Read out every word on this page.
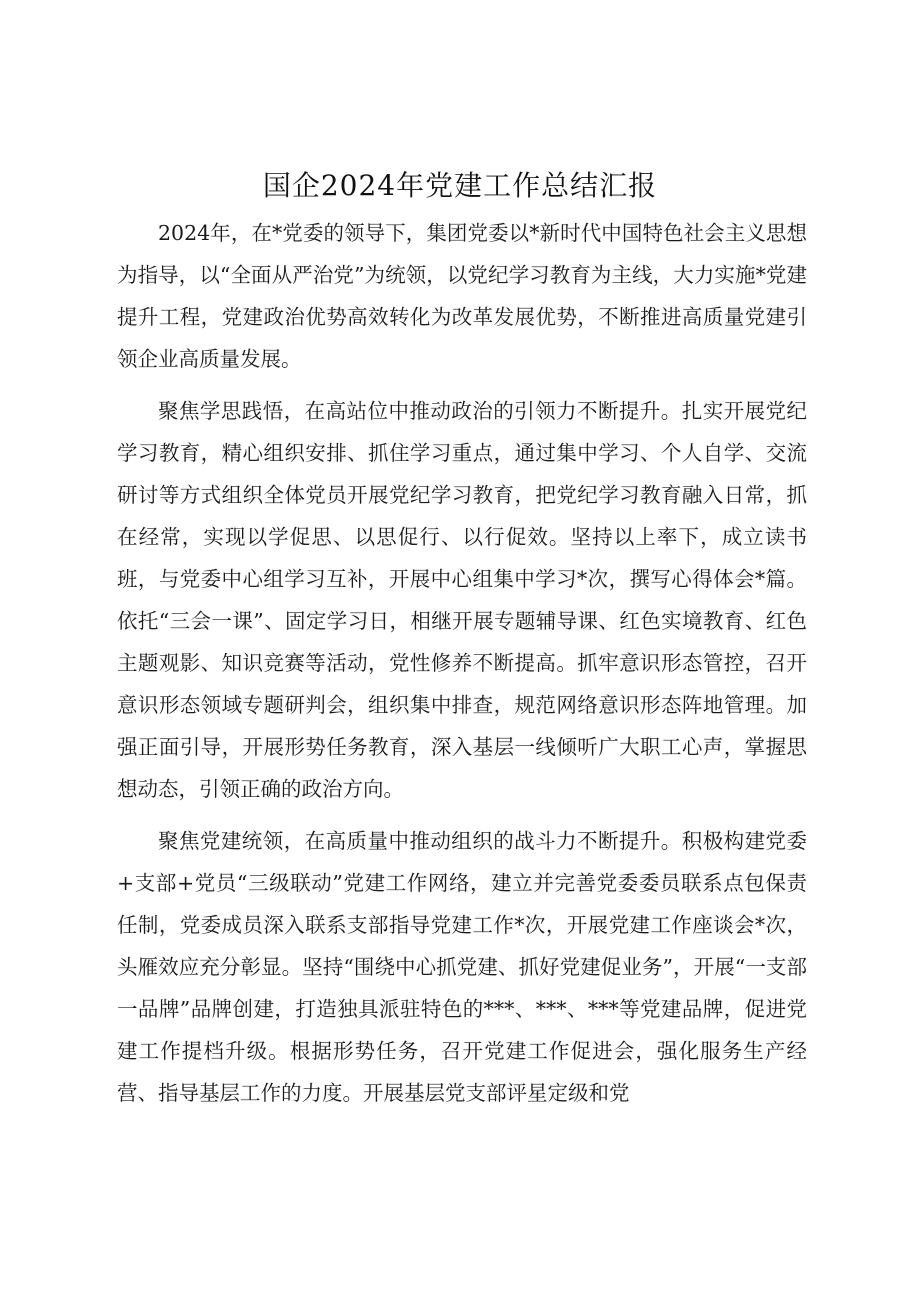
国企2024年党建工作总结汇报

2024年，在*党委的领导下，集团党委以*新时代中国特色社会主义思想为指导，以“全面从严治党”为统领，以党纪学习教育为主线，大力实施*党建提升工程，党建政治优势高效转化为改革发展优势，不断推进高质量党建引领企业高质量发展。

聚焦学思践悟，在高站位中推动政治的引领力不断提升。扎实开展党纪学习教育，精心组织安排、抓住学习重点，通过集中学习、个人自学、交流研讨等方式组织全体党员开展党纪学习教育，把党纪学习教育融入日常，抓在经常，实现以学促思、以思促行、以行促效。坚持以上率下，成立读书班，与党委中心组学习互补，开展中心组集中学习*次，撰写心得体会*篇。依托“三会一课”、固定学习日，相继开展专题辅导课、红色实境教育、红色主题观影、知识竞赛等活动，党性修养不断提高。抓牢意识形态管控，召开意识形态领域专题研判会，组织集中排查，规范网络意识形态阵地管理。加强正面引导，开展形势任务教育，深入基层一线倾听广大职工心声，掌握思想动态，引领正确的政治方向。

聚焦党建统领，在高质量中推动组织的战斗力不断提升。积极构建党委+支部+党员“三级联动”党建工作网络，建立并完善党委委员联系点包保责任制，党委成员深入联系支部指导党建工作*次，开展党建工作座谈会*次，头雁效应充分彰显。坚持“围绕中心抓党建、抓好党建促业务”，开展“一支部一品牌”品牌创建，打造独具派驻特色的***、***、***等党建品牌，促进党建工作提档升级。根据形势任务，召开党建工作促进会，强化服务生产经营、指导基层工作的力度。开展基层党支部评星定级和党
